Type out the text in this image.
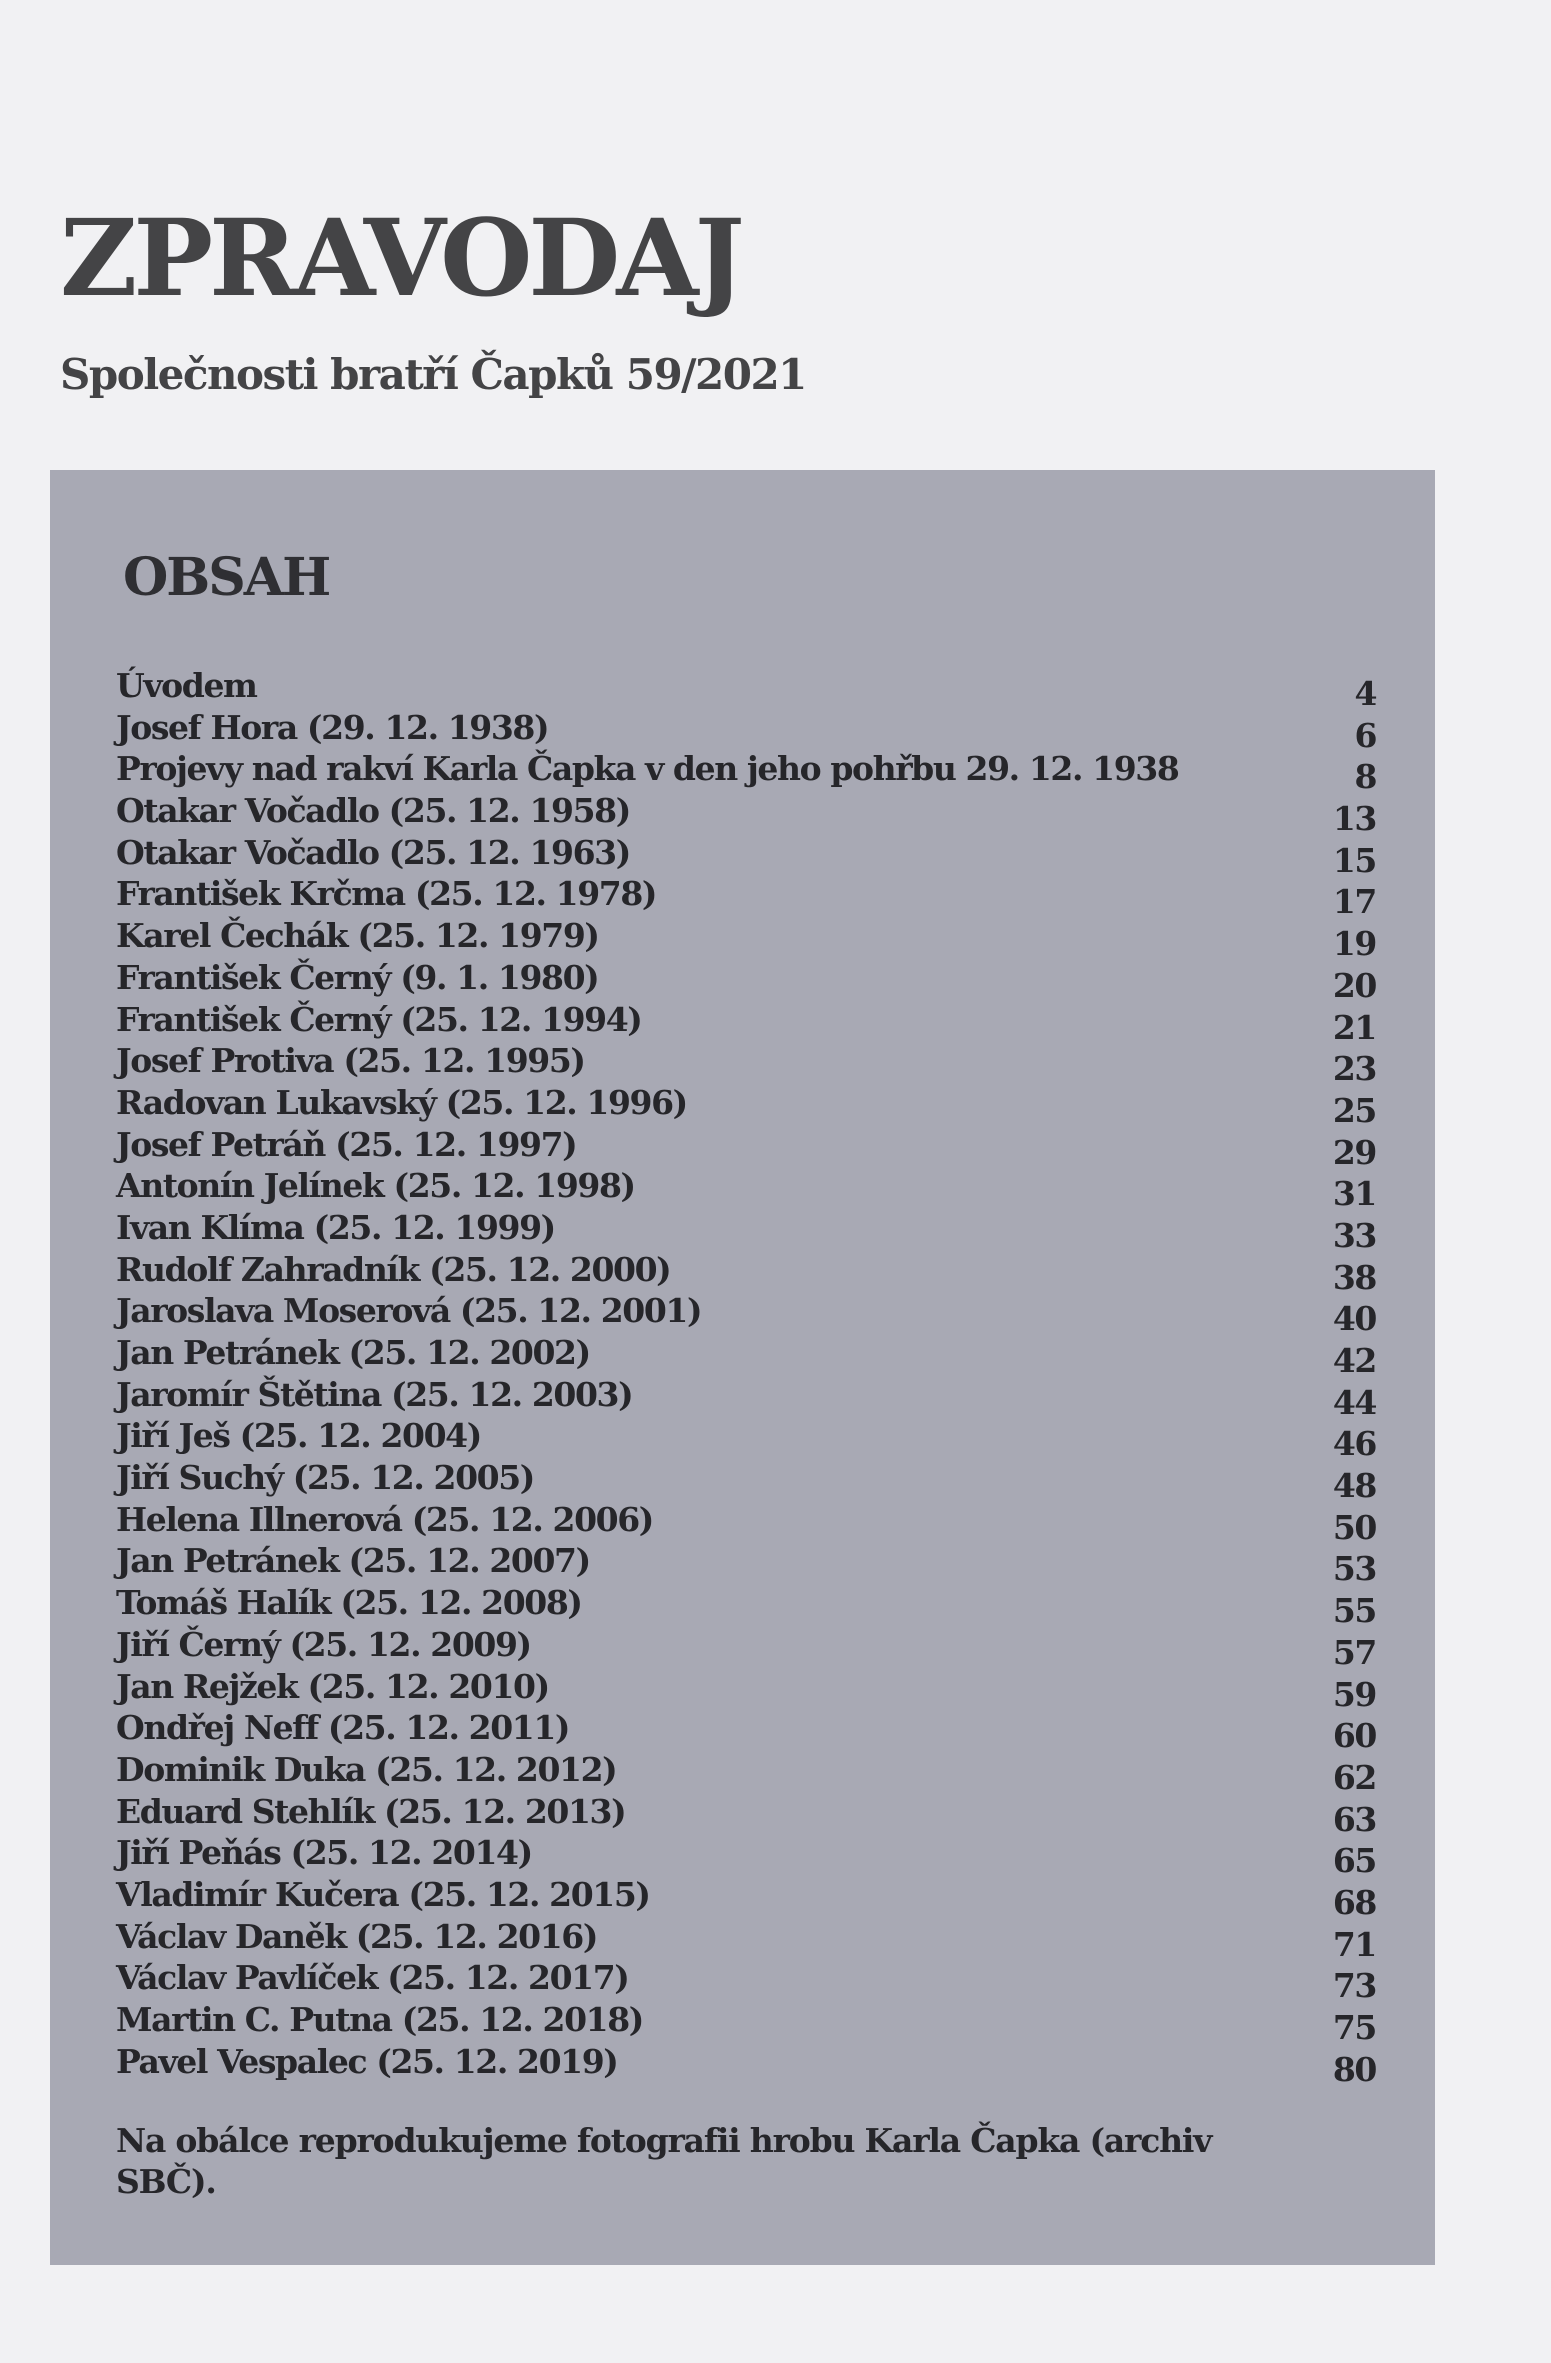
ZPRAVODAJ
Společnosti bratří Čapků 59/2021
OBSAH
Úvodem	4
Josef Hora (29. 12. 1938)	6
Projevy nad rakví Karla Čapka v den jeho pohřbu 29. 12. 1938	8
Otakar Vočadlo (25. 12. 1958)	13
Otakar Vočadlo (25. 12. 1963)	15
František Krčma (25. 12. 1978)	17
Karel Čechák (25. 12. 1979)	19
František Černý (9. 1. 1980)	20
František Černý (25. 12. 1994)	21
Josef Protiva (25. 12. 1995)	23
Radovan Lukavský (25. 12. 1996)	25
Josef Petráň (25. 12. 1997)	29
Antonín Jelínek (25. 12. 1998)	31
Ivan Klíma (25. 12. 1999)	33
Rudolf Zahradník (25. 12. 2000)	38
Jaroslava Moserová (25. 12. 2001)	40
Jan Petránek (25. 12. 2002)	42
Jaromír Štětina (25. 12. 2003)	44
Jiří Ješ (25. 12. 2004)	46
Jiří Suchý (25. 12. 2005)	48
Helena Illnerová (25. 12. 2006)	50
Jan Petránek (25. 12. 2007)	53
Tomáš Halík (25. 12. 2008)	55
Jiří Černý (25. 12. 2009)	57
Jan Rejžek (25. 12. 2010)	59
Ondřej Neff (25. 12. 2011)	60
Dominik Duka (25. 12. 2012)	62
Eduard Stehlík (25. 12. 2013)	63
Jiří Peňás (25. 12. 2014)	65
Vladimír Kučera (25. 12. 2015)	68
Václav Daněk (25. 12. 2016)	71
Václav Pavlíček (25. 12. 2017)	73
Martin C. Putna (25. 12. 2018)	75
Pavel Vespalec (25. 12. 2019)	80

Na obálce reprodukujeme fotografii hrobu Karla Čapka (archiv SBČ).
